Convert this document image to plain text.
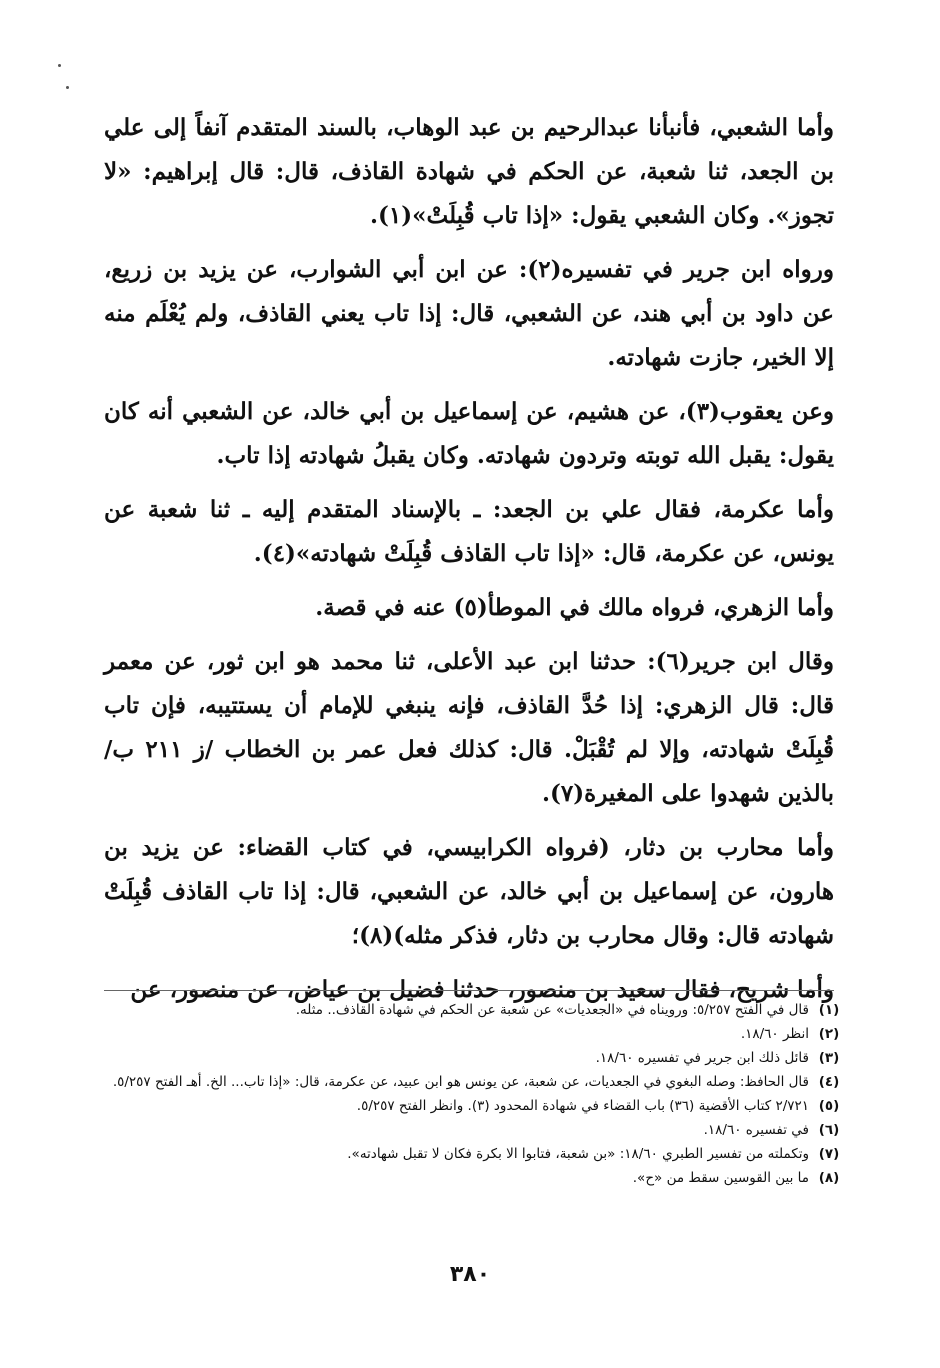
وأما الشعبي، فأنبأنا عبدالرحيم بن عبد الوهاب، بالسند المتقدم آنفاً إلى علي بن الجعد، ثنا شعبة، عن الحكم في شهادة القاذف، قال: قال إبراهيم: «لا تجوز». وكان الشعبي يقول: «إذا تاب قُبِلَتْ»(١).

ورواه ابن جرير في تفسيره(٢): عن ابن أبي الشوارب، عن يزيد بن زريع، عن داود بن أبي هند، عن الشعبي، قال: إذا تاب يعني القاذف، ولم يُعْلَم منه إلا الخير، جازت شهادته.

وعن يعقوب(٣)، عن هشيم، عن إسماعيل بن أبي خالد، عن الشعبي أنه كان يقول: يقبل الله توبته وتردون شهادته. وكان يقبلُ شهادته إذا تاب.

وأما عكرمة، فقال علي بن الجعد: ـ بالإسناد المتقدم إليه ـ ثنا شعبة عن يونس، عن عكرمة، قال: «إذا تاب القاذف قُبِلَتْ شهادته»(٤).

وأما الزهري، فرواه مالك في الموطأ(٥) عنه في قصة.

وقال ابن جرير(٦): حدثنا ابن عبد الأعلى، ثنا محمد هو ابن ثور، عن معمر قال: قال الزهري: إذا حُدَّ القاذف، فإنه ينبغي للإمام أن يستتيبه، فإن تاب قُبِلَتْ شهادته، وإلا لم تُقْبَلْ. قال: كذلك فعل عمر بن الخطاب /ز ٢١١ ب/ بالذين شهدوا على المغيرة(٧).

وأما محارب بن دثار، (فرواه الكرابيسي، في كتاب القضاء: عن يزيد بن هارون، عن إسماعيل بن أبي خالد، عن الشعبي، قال: إذا تاب القاذف قُبِلَتْ شهادته قال: وقال محارب بن دثار، فذكر مثله)(٨)؛

وأما شريح، فقال سعيد بن منصور، حدثنا فضيل بن عياض، عن منصور، عن

(١)
قال في الفتح ٥/٢٥٧: ورويناه في «الجعديات» عن شعبة عن الحكم في شهادة القاذف.. مثله.
(٢)
انظر ١٨/٦٠.
(٣)
قائل ذلك ابن جرير في تفسيره ١٨/٦٠.
(٤)
قال الحافظ: وصله البغوي في الجعديات، عن شعبة، عن يونس هو ابن عبيد، عن عكرمة، قال: «إذا تاب... الخ. أهـ الفتح ٥/٢٥٧.
(٥)
٢/٧٢١ كتاب الأقضية (٣٦) باب القضاء في شهادة المحدود (٣). وانظر الفتح ٥/٢٥٧.
(٦)
في تفسيره ١٨/٦٠.
(٧)
وتكملته من تفسير الطبري ١٨/٦٠: «بن شعبة، فتابوا الا بكرة فكان لا تقبل شهادته».
(٨)
ما بين القوسين سقط من «ح».
٣٨٠
